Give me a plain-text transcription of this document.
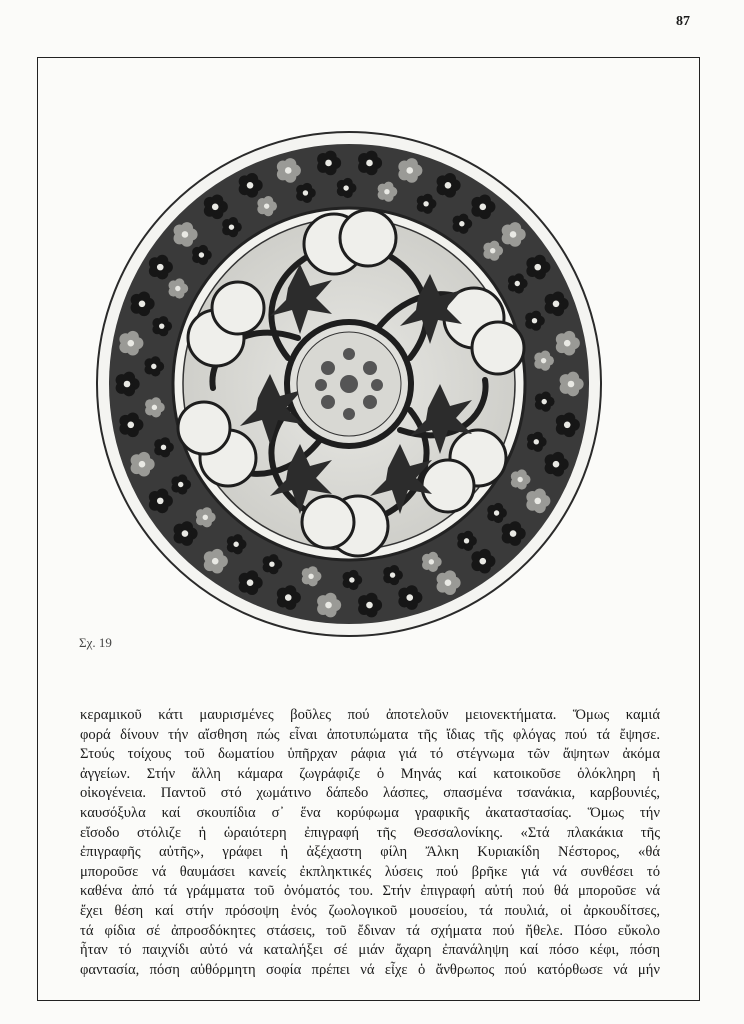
87
Σχ. 19
κεραμικοῦ κάτι μαυρισμένες βοῦλες πού ἀποτελοῦν μειονεκτήματα. Ὅμως καμιά
φορά δίνουν τήν αἴσθηση πώς εἶναι ἀποτυπώματα τῆς ἴδιας τῆς φλόγας πού τά ἔψησε.
Στούς τοίχους τοῦ δωματίου ὑπῆρχαν ράφια γιά τό στέγνωμα τῶν ἄψητων ἀκόμα
ἀγγείων. Στήν ἄλλη κάμαρα ζωγράφιζε ὁ Μηνάς καί κατοικοῦσε ὁλόκληρη ἡ
οἰκογένεια. Παντοῦ στό χωμάτινο δάπεδο λάσπες, σπασμένα τσανάκια, καρβουνιές,
καυσόξυλα καί σκουπίδια σ᾽ ἕνα κορύφωμα γραφικῆς ἀκαταστασίας. Ὅμως τήν
εἴσοδο στόλιζε ἡ ὡραιότερη ἐπιγραφή τῆς Θεσσαλονίκης. «Στά πλακάκια τῆς
ἐπιγραφῆς αὐτῆς», γράφει ἡ ἀξέχαστη φίλη Ἄλκη Κυριακίδη Νέστορος, «θά
μποροῦσε νά θαυμάσει κανείς ἐκπληκτικές λύσεις πού βρῆκε γιά νά συνθέσει τό
καθένα ἀπό τά γράμματα τοῦ ὀνόματός του. Στήν ἐπιγραφή αὐτή πού θά μποροῦσε νά
ἔχει θέση καί στήν πρόσοψη ἑνός ζωολογικοῦ μουσείου, τά πουλιά, οἱ ἀρκουδίτσες,
τά φίδια σέ ἀπροσδόκητες στάσεις, τοῦ ἔδιναν τά σχήματα πού ἤθελε. Πόσο εὔκολο
ἦταν τό παιχνίδι αὐτό νά καταλήξει σέ μιάν ἄχαρη ἐπανάληψη καί πόσο κέφι, πόση
φαντασία, πόση αὐθόρμητη σοφία πρέπει νά εἶχε ὁ ἄνθρωπος πού κατόρθωσε νά μήν
